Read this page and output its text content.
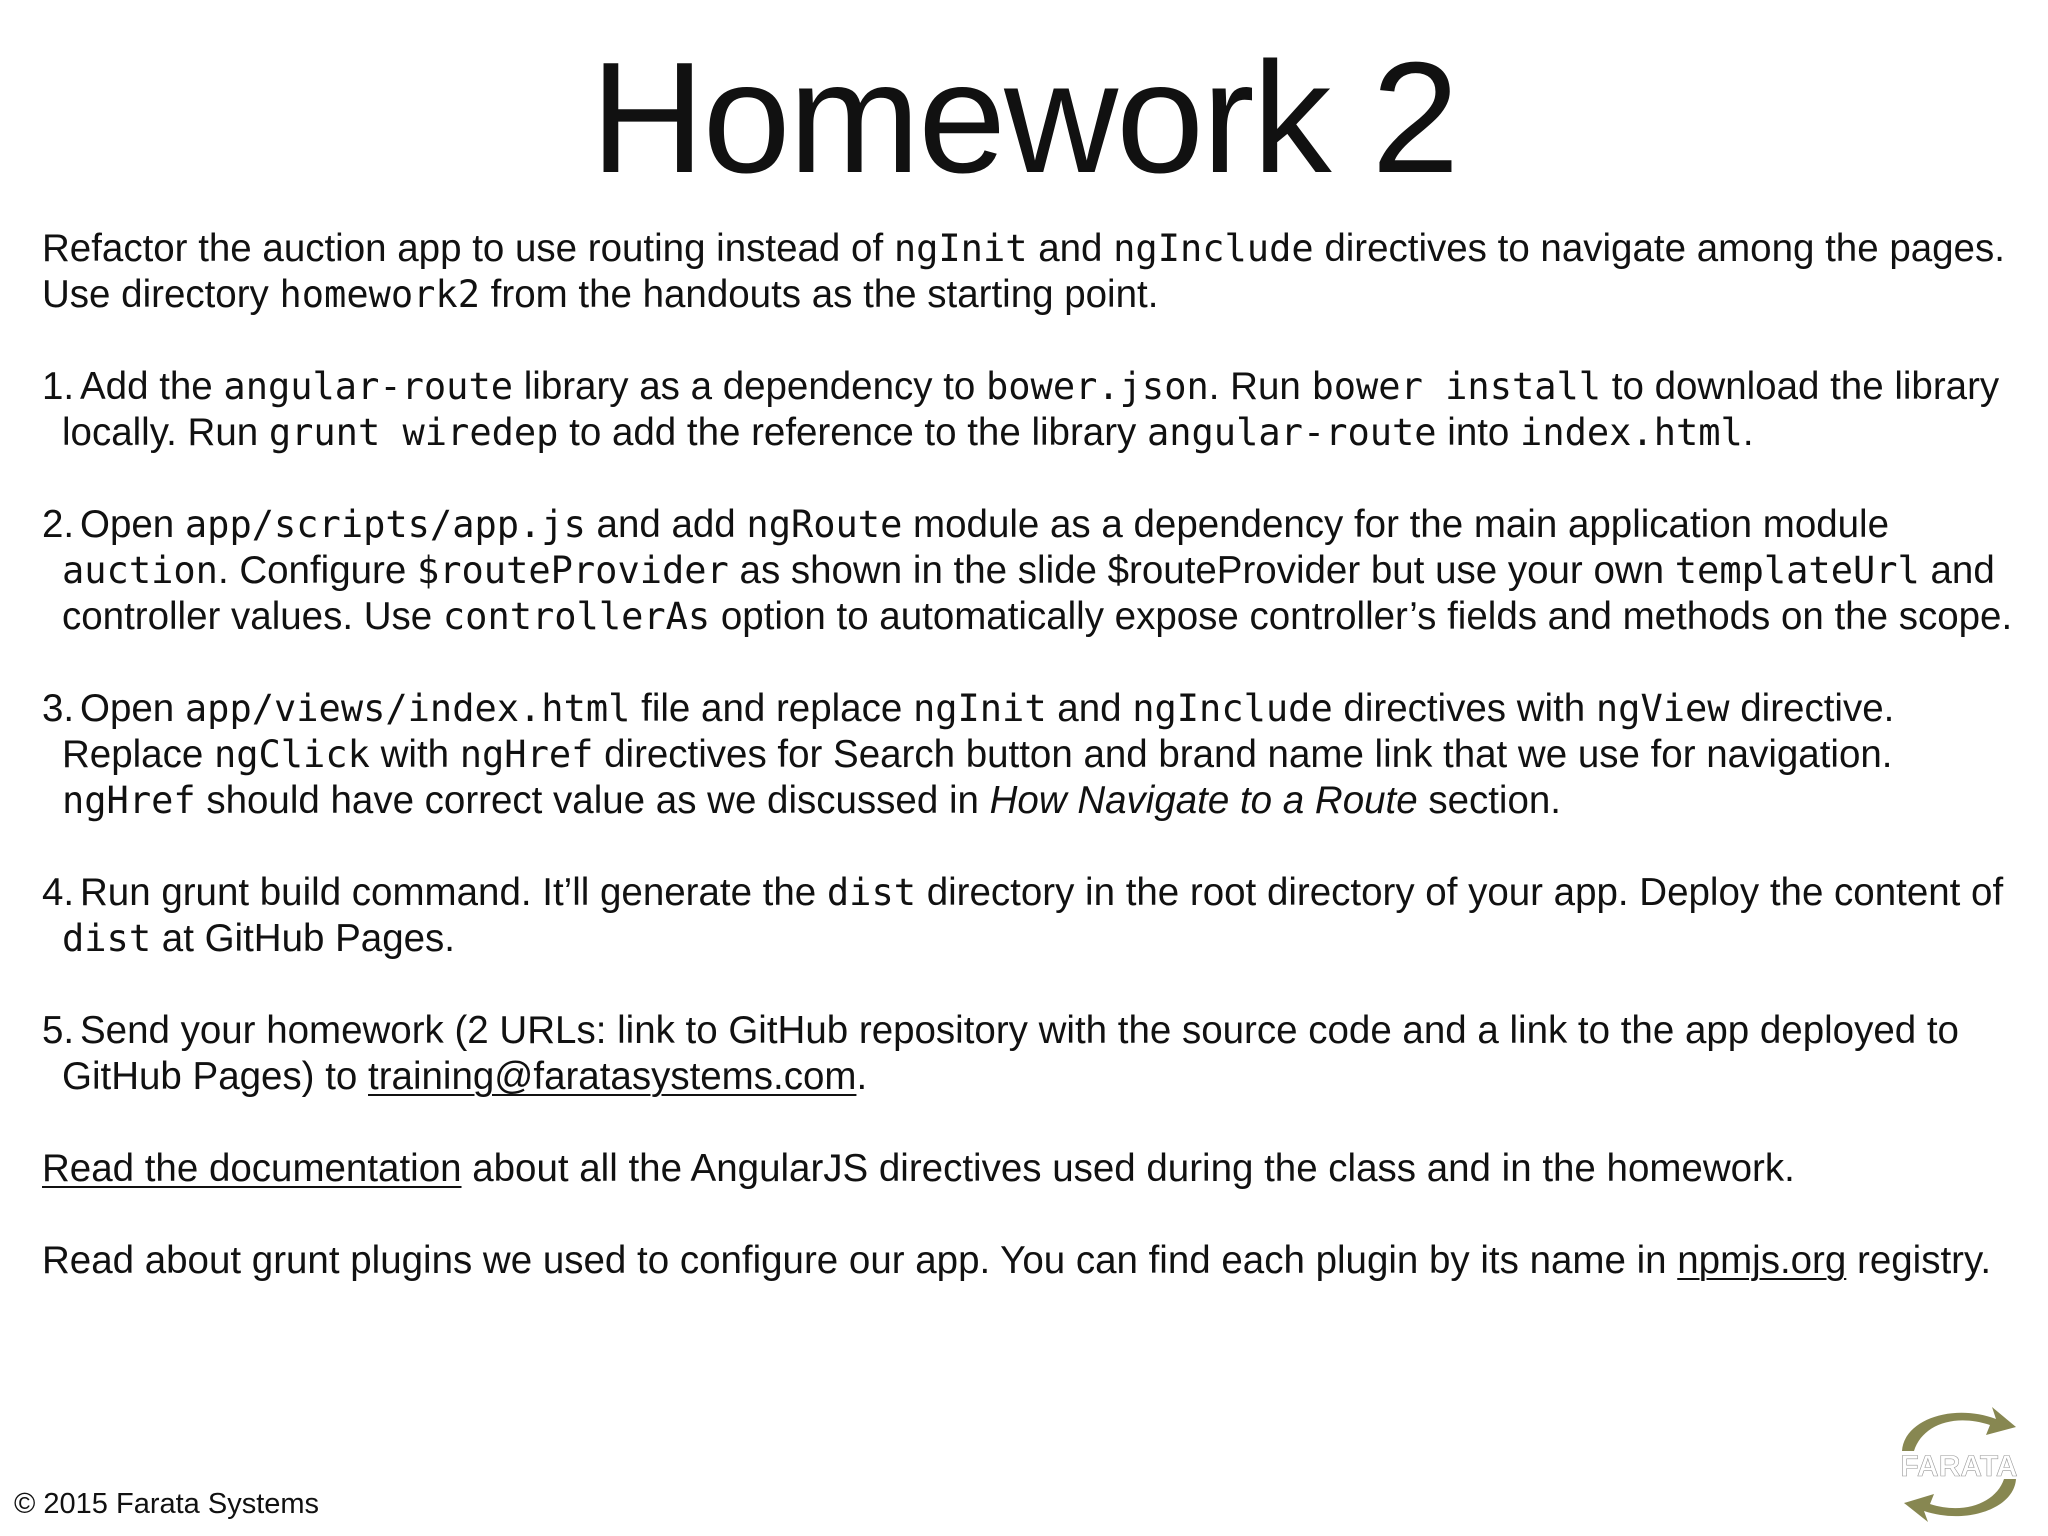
Homework 2

Refactor the auction app to use routing instead of ngInit and ngInclude directives to navigate among the pages. Use directory homework2 from the handouts as the starting point.

1. Add the angular-route library as a dependency to bower.json. Run bower install to download the library locally. Run grunt wiredep to add the reference to the library angular-route into index.html.
2. Open app/scripts/app.js and add ngRoute module as a dependency for the main application module auction. Configure $routeProvider as shown in the slide $routeProvider but use your own templateUrl and controller values. Use controllerAs option to automatically expose controller’s fields and methods on the scope.
3. Open app/views/index.html file and replace ngInit and ngInclude directives with ngView directive. Replace ngClick with ngHref directives for Search button and brand name link that we use for navigation. ngHref should have correct value as we discussed in How Navigate to a Route section.
4. Run grunt build command. It’ll generate the dist directory in the root directory of your app. Deploy the content of dist at GitHub Pages.
5. Send your homework (2 URLs: link to GitHub repository with the source code and a link to the app deployed to GitHub Pages) to training@faratasystems.com.

Read the documentation about all the AngularJS directives used during the class and in the homework.

Read about grunt plugins we used to configure our app. You can find each plugin by its name in npmjs.org registry.

© 2015 Farata Systems
FARATA
